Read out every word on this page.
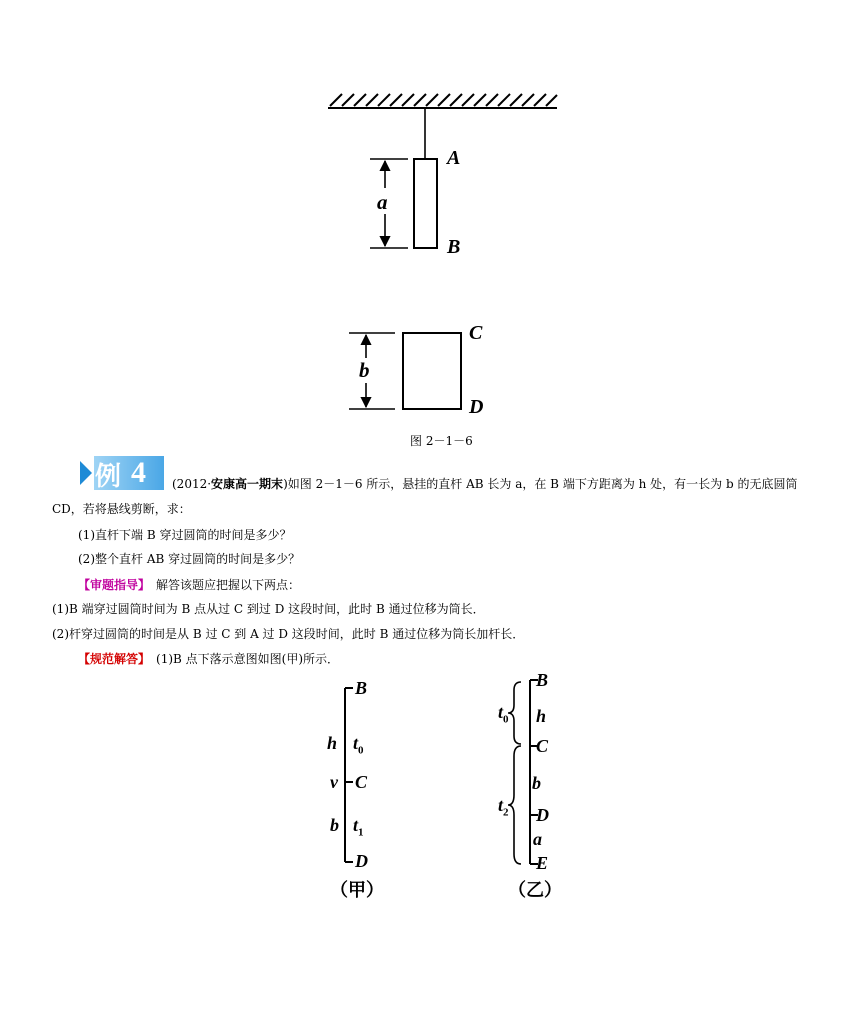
A
B
a
C
D
b
图 2－1－6
例 4 (2012·安康高一期末)如图 2－1－6 所示，悬挂的直杆 AB 长为 a，在 B 端下方距离为 h 处，有一长为 b 的无底圆筒
CD，若将悬线剪断，求：
(1)直杆下端 B 穿过圆筒的时间是多少？
(2)整个直杆 AB 穿过圆筒的时间是多少？
【审题指导】　解答该题应把握以下两点：
(1)B 端穿过圆筒时间为 B 点从过 C 到过 D 这段时间，此时 B 通过位移为筒长．
(2)杆穿过圆筒的时间是从 B 过 C 到 A 过 D 这段时间，此时 B 通过位移为筒长加杆长．
【规范解答】　(1)B 点下落示意图如图(甲)所示．
B
h $t_0$
v C
b $t_1$
D
（甲）
$t_0$
B
h
C
b
$t_2$ D
a
E
（乙）
